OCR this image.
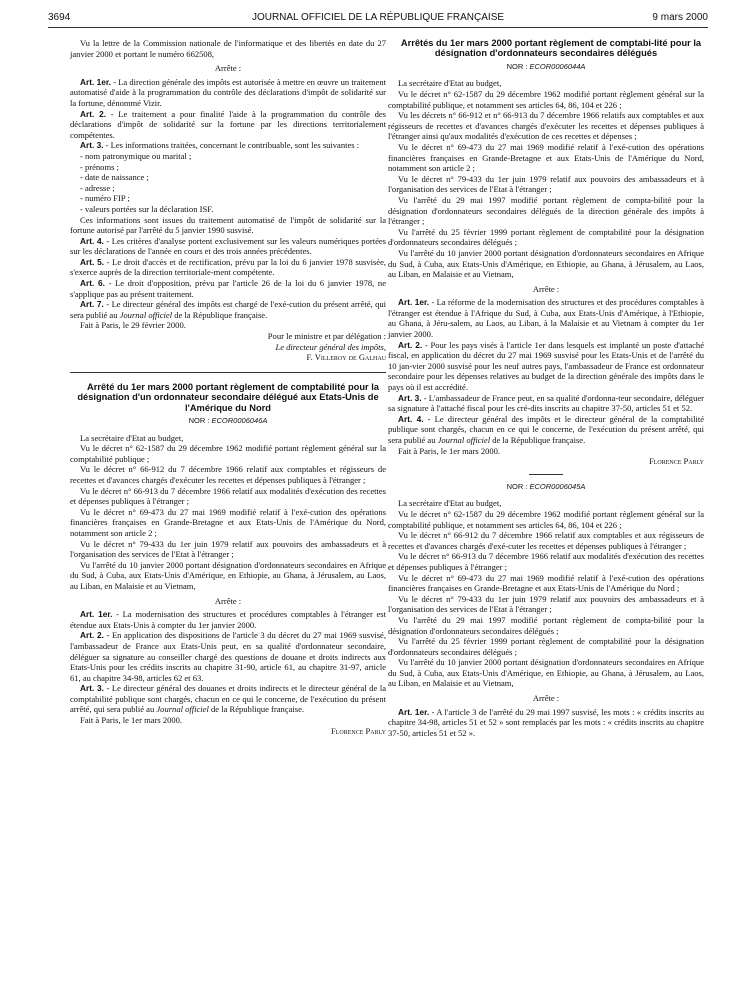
3694	JOURNAL OFFICIEL DE LA RÉPUBLIQUE FRANÇAISE	9 mars 2000

Vu la lettre de la Commission nationale de l'informatique et des libertés en date du 27 janvier 2000 et portant le numéro 662508,

Arrête :

Art. 1er. - La direction générale des impôts est autorisée à mettre en œuvre un traitement automatisé d'aide à la programmation du contrôle des déclarations d'impôt de solidarité sur la fortune, dénommé Vizir.

Art. 2. - Le traitement a pour finalité l'aide à la programmation du contrôle des déclarations d'impôt de solidarité sur la fortune par les directions territorialement compétentes.

Art. 3. - Les informations traitées, concernant le contribuable, sont les suivantes :

- nom patronymique ou marital ;

- prénoms ;

- date de naissance ;

- adresse ;

- numéro FIP ;

- valeurs portées sur la déclaration ISF.

Ces informations sont issues du traitement automatisé de l'impôt de solidarité sur la fortune autorisé par l'arrêté du 5 janvier 1990 susvisé.

Art. 4. - Les critères d'analyse portent exclusivement sur les valeurs numériques portées sur les déclarations de l'année en cours et des trois années précédentes.

Art. 5. - Le droit d'accès et de rectification, prévu par la loi du 6 janvier 1978 susvisée, s'exerce auprès de la direction territoriale-ment compétente.

Art. 6. - Le droit d'opposition, prévu par l'article 26 de la loi du 6 janvier 1978, ne s'applique pas au présent traitement.

Art. 7. - Le directeur général des impôts est chargé de l'exé-cution du présent arrêté, qui sera publié au Journal officiel de la République française.

Fait à Paris, le 29 février 2000.

Pour le ministre et par délégation :

Le directeur général des impôts,

F. Villeroy de Galhau

Arrêté du 1er mars 2000 portant règlement de comptabilité pour la désignation d'un ordonnateur secondaire délégué aux Etats-Unis de l'Amérique du Nord

NOR : ECOR0006046A

La secrétaire d'Etat au budget,

Vu le décret n° 62-1587 du 29 décembre 1962 modifié portant règlement général sur la comptabilité publique ;

Vu le décret n° 66-912 du 7 décembre 1966 relatif aux comptables et régisseurs de recettes et d'avances chargés d'exécuter les recettes et dépenses publiques à l'étranger ;

Vu le décret n° 66-913 du 7 décembre 1966 relatif aux modalités d'exécution des recettes et dépenses publiques à l'étranger ;

Vu le décret n° 69-473 du 27 mai 1969 modifié relatif à l'exé-cution des opérations financières françaises en Grande-Bretagne et aux Etats-Unis de l'Amérique du Nord, notamment son article 2 ;

Vu le décret n° 79-433 du 1er juin 1979 relatif aux pouvoirs des ambassadeurs et à l'organisation des services de l'Etat à l'étranger ;

Vu l'arrêté du 10 janvier 2000 portant désignation d'ordonnateurs secondaires en Afrique du Sud, à Cuba, aux Etats-Unis d'Amérique, en Ethiopie, au Ghana, à Jérusalem, au Laos, au Liban, en Malaisie et au Vietnam,

Arrête :

Art. 1er. - La modernisation des structures et procédures comptables à l'étranger est étendue aux Etats-Unis à compter du 1er janvier 2000.

Art. 2. - En application des dispositions de l'article 3 du décret du 27 mai 1969 susvisé, l'ambassadeur de France aux Etats-Unis peut, en sa qualité d'ordonnateur secondaire, déléguer sa signature au conseiller chargé des questions de douane et droits indirects aux Etats-Unis pour les crédits inscrits au chapitre 31-90, article 61, au chapitre 31-97, article 61, au chapitre 34-98, articles 62 et 63.

Art. 3. - Le directeur général des douanes et droits indirects et le directeur général de la comptabilité publique sont chargés, chacun en ce qui le concerne, de l'exécution du présent arrêté, qui sera publié au Journal officiel de la République française.

Fait à Paris, le 1er mars 2000.

Florence Parly

Arrêtés du 1er mars 2000 portant règlement de comptabi-lité pour la désignation d'ordonnateurs secondaires délégués

NOR : ECOR0006044A

La secrétaire d'Etat au budget,

Vu le décret n° 62-1587 du 29 décembre 1962 modifié portant règlement général sur la comptabilité publique, et notamment ses articles 64, 86, 104 et 226 ;

Vu les décrets n° 66-912 et n° 66-913 du 7 décembre 1966 relatifs aux comptables et aux régisseurs de recettes et d'avances chargés d'exécuter les recettes et dépenses publiques à l'étranger ainsi qu'aux modalités d'exécution de ces recettes et dépenses ;

Vu le décret n° 69-473 du 27 mai 1969 modifié relatif à l'exé-cution des opérations financières françaises en Grande-Bretagne et aux Etats-Unis de l'Amérique du Nord, notamment son article 2 ;

Vu le décret n° 79-433 du 1er juin 1979 relatif aux pouvoirs des ambassadeurs et à l'organisation des services de l'Etat à l'étranger ;

Vu l'arrêté du 29 mai 1997 modifié portant règlement de compta-bilité pour la désignation d'ordonnateurs secondaires délégués de la direction générale des impôts à l'étranger ;

Vu l'arrêté du 25 février 1999 portant règlement de comptabilité pour la désignation d'ordonnateurs secondaires délégués ;

Vu l'arrêté du 10 janvier 2000 portant désignation d'ordonnateurs secondaires en Afrique du Sud, à Cuba, aux Etats-Unis d'Amérique, en Ethiopie, au Ghana, à Jérusalem, au Laos, au Liban, en Malaisie et au Vietnam,

Arrête :

Art. 1er. - La réforme de la modernisation des structures et des procédures comptables à l'étranger est étendue à l'Afrique du Sud, à Cuba, aux Etats-Unis d'Amérique, à l'Ethiopie, au Ghana, à Jéru-salem, au Laos, au Liban, à la Malaisie et au Vietnam à compter du 1er janvier 2000.

Art. 2. - Pour les pays visés à l'article 1er dans lesquels est implanté un poste d'attaché fiscal, en application du décret du 27 mai 1969 susvisé pour les Etats-Unis et de l'arrêté du 10 jan-vier 2000 susvisé pour les neuf autres pays, l'ambassadeur de France est ordonnateur secondaire pour les dépenses relatives au budget de la direction générale des impôts dans le pays où il est accrédité.

Art. 3. - L'ambassadeur de France peut, en sa qualité d'ordonna-teur secondaire, déléguer sa signature à l'attaché fiscal pour les cré-dits inscrits au chapitre 37-50, articles 51 et 52.

Art. 4. - Le directeur général des impôts et le directeur général de la comptabilité publique sont chargés, chacun en ce qui le concerne, de l'exécution du présent arrêté, qui sera publié au Journal officiel de la République française.

Fait à Paris, le 1er mars 2000.

Florence Parly

NOR : ECOR0006045A

La secrétaire d'Etat au budget,

Vu le décret n° 62-1587 du 29 décembre 1962 modifié portant règlement général sur la comptabilité publique, et notamment ses articles 64, 86, 104 et 226 ;

Vu le décret n° 66-912 du 7 décembre 1966 relatif aux comptables et aux régisseurs de recettes et d'avances chargés d'exé-cuter les recettes et dépenses publiques à l'étranger ;

Vu le décret n° 66-913 du 7 décembre 1966 relatif aux modalités d'exécution des recettes et dépenses publiques à l'étranger ;

Vu le décret n° 69-473 du 27 mai 1969 modifié relatif à l'exé-cution des opérations financières françaises en Grande-Bretagne et aux Etats-Unis de l'Amérique du Nord ;

Vu le décret n° 79-433 du 1er juin 1979 relatif aux pouvoirs des ambassadeurs et à l'organisation des services de l'Etat à l'étranger ;

Vu l'arrêté du 29 mai 1997 modifié portant règlement de compta-bilité pour la désignation d'ordonnateurs secondaires délégués ;

Vu l'arrêté du 25 février 1999 portant règlement de comptabilité pour la désignation d'ordonnateurs secondaires délégués ;

Vu l'arrêté du 10 janvier 2000 portant désignation d'ordonnateurs secondaires en Afrique du Sud, à Cuba, aux Etats-Unis d'Amérique, en Ethiopie, au Ghana, à Jérusalem, au Laos, au Liban, en Malaisie et au Vietnam,

Arrête :

Art. 1er. - A l'article 3 de l'arrêté du 29 mai 1997 susvisé, les mots : « crédits inscrits au chapitre 34-98, articles 51 et 52 » sont remplacés par les mots : « crédits inscrits au chapitre 37-50, articles 51 et 52 ».
